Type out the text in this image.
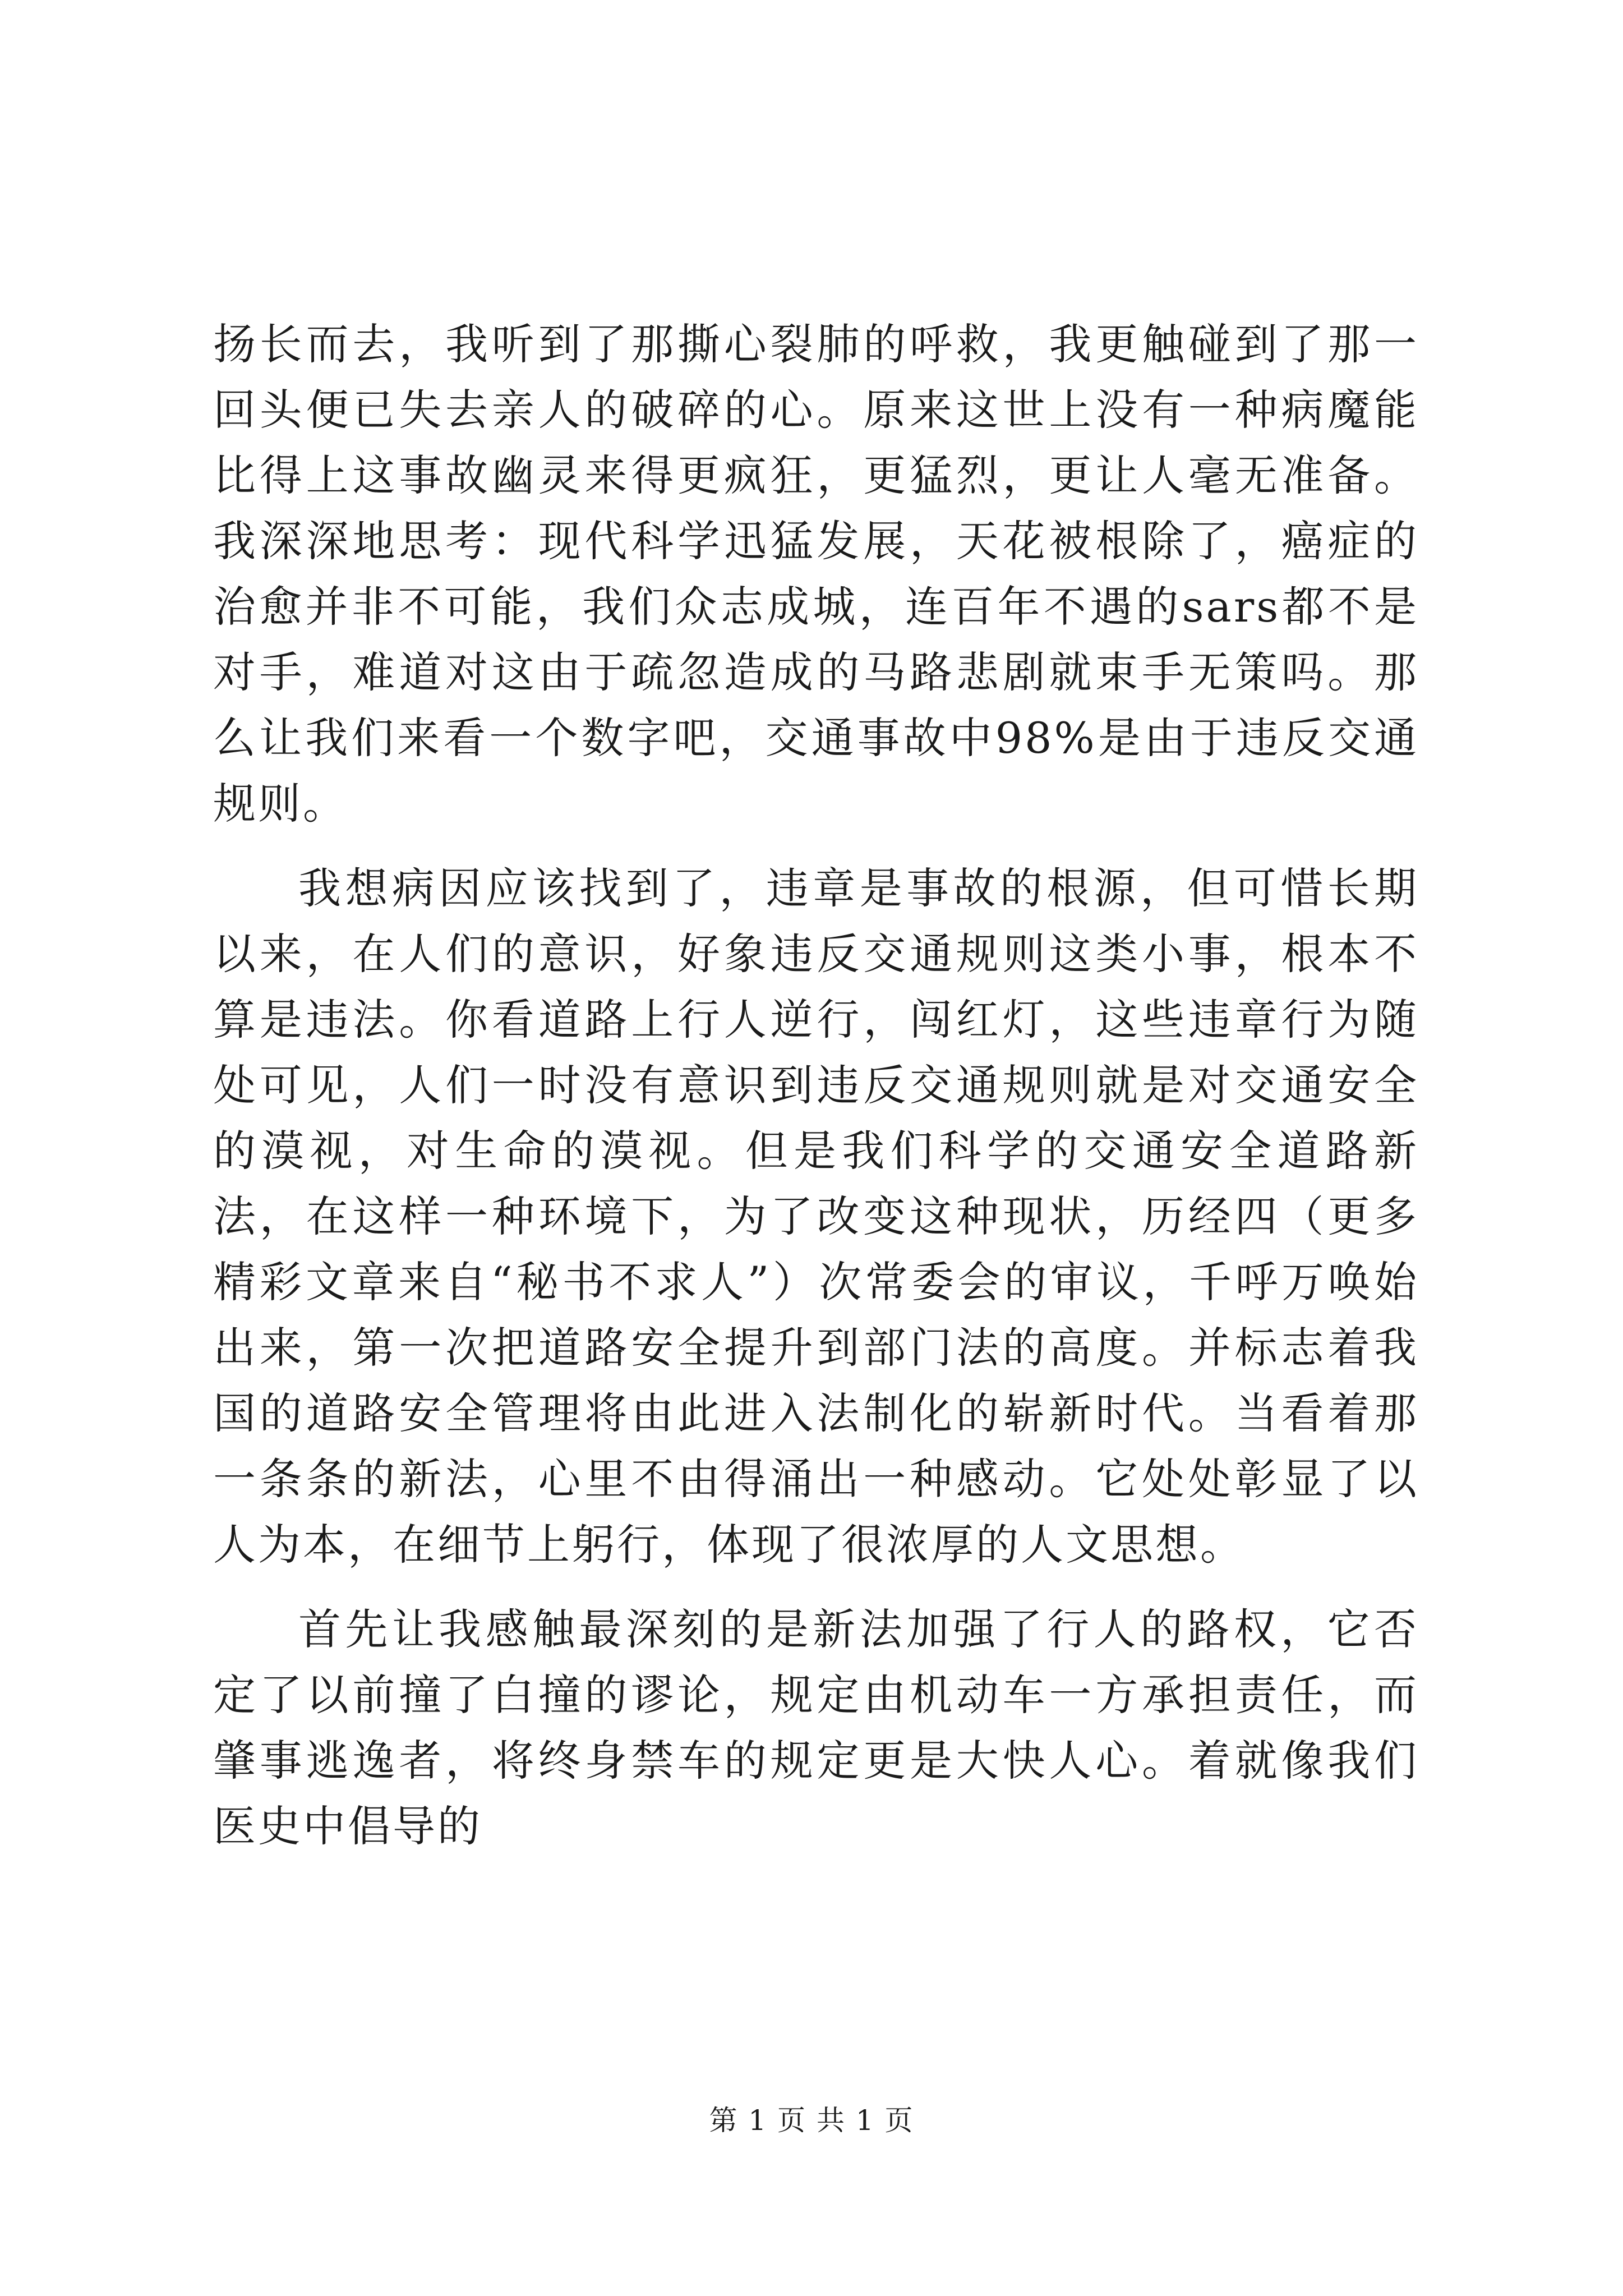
扬长而去，我听到了那撕心裂肺的呼救，我更触碰到了那一回头便已失去亲人的破碎的心。原来这世上没有一种病魔能比得上这事故幽灵来得更疯狂，更猛烈，更让人毫无准备。我深深地思考：现代科学迅猛发展，天花被根除了，癌症的治愈并非不可能，我们众志成城，连百年不遇的sars都不是对手，难道对这由于疏忽造成的马路悲剧就束手无策吗。那么让我们来看一个数字吧，交通事故中98%是由于违反交通规则。

我想病因应该找到了，违章是事故的根源，但可惜长期以来，在人们的意识，好象违反交通规则这类小事，根本不算是违法。你看道路上行人逆行，闯红灯，这些违章行为随处可见，人们一时没有意识到违反交通规则就是对交通安全的漠视，对生命的漠视。但是我们科学的交通安全道路新法，在这样一种环境下，为了改变这种现状，历经四（更多精彩文章来自“秘书不求人”）次常委会的审议，千呼万唤始出来，第一次把道路安全提升到部门法的高度。并标志着我国的道路安全管理将由此进入法制化的崭新时代。当看着那一条条的新法，心里不由得涌出一种感动。它处处彰显了以人为本，在细节上躬行，体现了很浓厚的人文思想。

首先让我感触最深刻的是新法加强了行人的路权，它否定了以前撞了白撞的谬论，规定由机动车一方承担责任，而肇事逃逸者，将终身禁车的规定更是大快人心。着就像我们医史中倡导的

第 1 页 共 1 页
